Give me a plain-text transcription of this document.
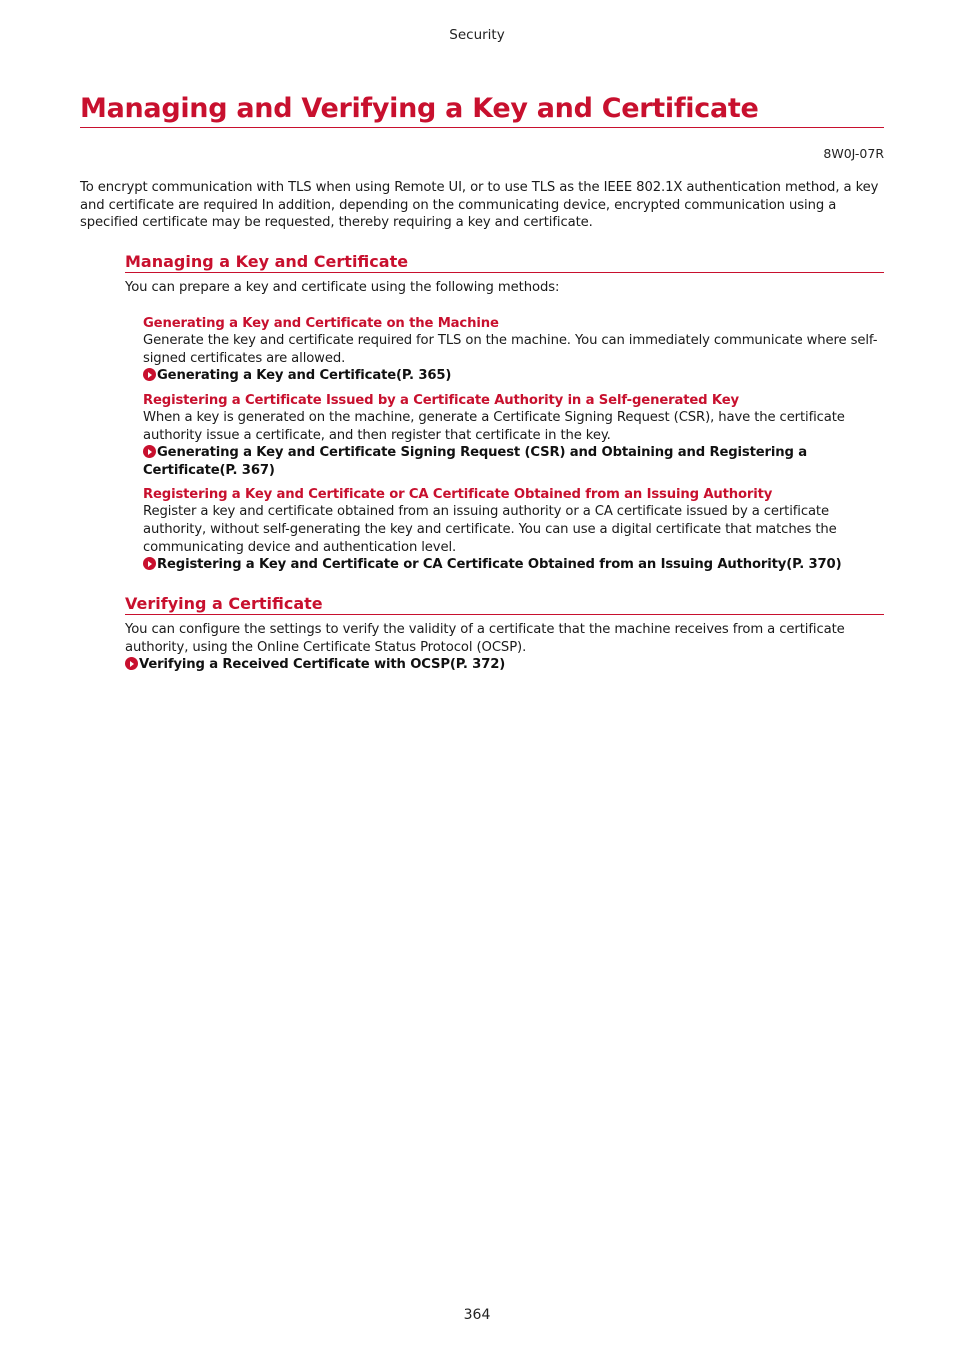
Security
Managing and Verifying a Key and Certificate
8W0J-07R

To encrypt communication with TLS when using Remote UI, or to use TLS as the IEEE 802.1X authentication method, a key and certificate are required In addition, depending on the communicating device, encrypted communication using a specified certificate may be requested, thereby requiring a key and certificate.

Managing a Key and Certificate

You can prepare a key and certificate using the following methods:

Generating a Key and Certificate on the Machine

Generate the key and certificate required for TLS on the machine. You can immediately communicate where self-signed certificates are allowed.

Generating a Key and Certificate(P. 365)

Registering a Certificate Issued by a Certificate Authority in a Self-generated Key

When a key is generated on the machine, generate a Certificate Signing Request (CSR), have the certificate authority issue a certificate, and then register that certificate in the key.

Generating a Key and Certificate Signing Request (CSR) and Obtaining and Registering a Certificate(P. 367)

Registering a Key and Certificate or CA Certificate Obtained from an Issuing Authority

Register a key and certificate obtained from an issuing authority or a CA certificate issued by a certificate authority, without self-generating the key and certificate. You can use a digital certificate that matches the communicating device and authentication level.

Registering a Key and Certificate or CA Certificate Obtained from an Issuing Authority(P. 370)
Verifying a Certificate

You can configure the settings to verify the validity of a certificate that the machine receives from a certificate authority, using the Online Certificate Status Protocol (OCSP).

Verifying a Received Certificate with OCSP(P. 372)
364
